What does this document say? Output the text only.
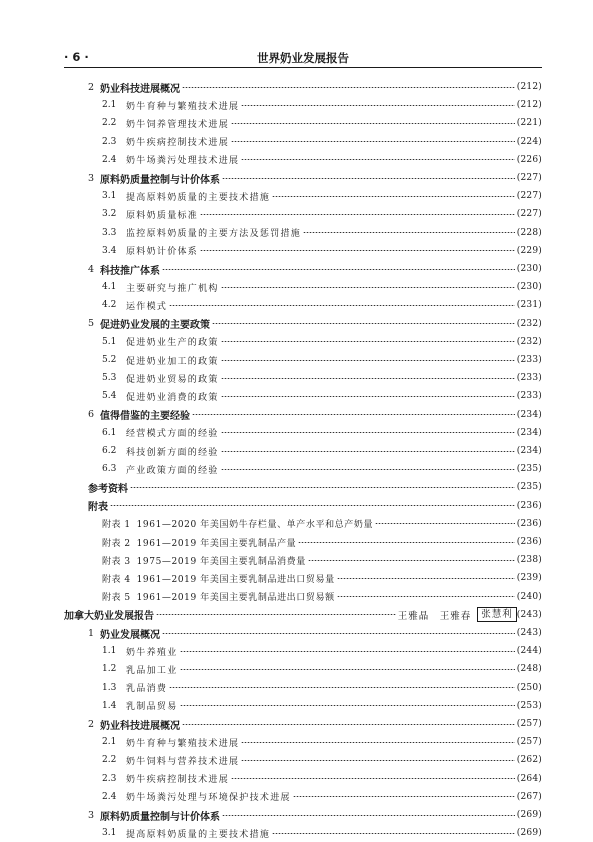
· 6 ·	世界奶业发展报告
2 奶业科技进展概况	(212)
2.1	奶牛育种与繁殖技术进展	(212)
2.2	奶牛饲养管理技术进展	(221)
2.3	奶牛疾病控制技术进展	(224)
2.4	奶牛场粪污处理技术进展	(226)
3 原料奶质量控制与计价体系	(227)
3.1	提高原料奶质量的主要技术措施	(227)
3.2	原料奶质量标准	(227)
3.3	监控原料奶质量的主要方法及惩罚措施	(228)
3.4	原料奶计价体系	(229)
4 科技推广体系	(230)
4.1	主要研究与推广机构	(230)
4.2	运作模式	(231)
5 促进奶业发展的主要政策	(232)
5.1	促进奶业生产的政策	(232)
5.2	促进奶业加工的政策	(233)
5.3	促进奶业贸易的政策	(233)
5.4	促进奶业消费的政策	(233)
6 值得借鉴的主要经验	(234)
6.1	经营模式方面的经验	(234)
6.2	科技创新方面的经验	(234)
6.3	产业政策方面的经验	(235)
参考资料	(235)
附表	(236)
附表 1 1961—2020 年美国奶牛存栏量、单产水平和总产奶量	(236)
附表 2 1961—2019 年美国主要乳制品产量	(236)
附表 3 1975—2019 年美国主要乳制品消费量	(238)
附表 4 1961—2019 年美国主要乳制品进出口贸易量	(239)
附表 5 1961—2019 年美国主要乳制品进出口贸易额	(240)
加拿大奶业发展报告	王雅晶　王雅春	张慧利 (243)
1 奶业发展概况	(243)
1.1	奶牛养殖业	(244)
1.2	乳品加工业	(248)
1.3	乳品消费	(250)
1.4	乳制品贸易	(253)
2 奶业科技进展概况	(257)
2.1	奶牛育种与繁殖技术进展	(257)
2.2	奶牛饲料与营养技术进展	(262)
2.3	奶牛疾病控制技术进展	(264)
2.4	奶牛场粪污处理与环境保护技术进展	(267)
3 原料奶质量控制与计价体系	(269)
3.1	提高原料奶质量的主要技术措施	(269)
